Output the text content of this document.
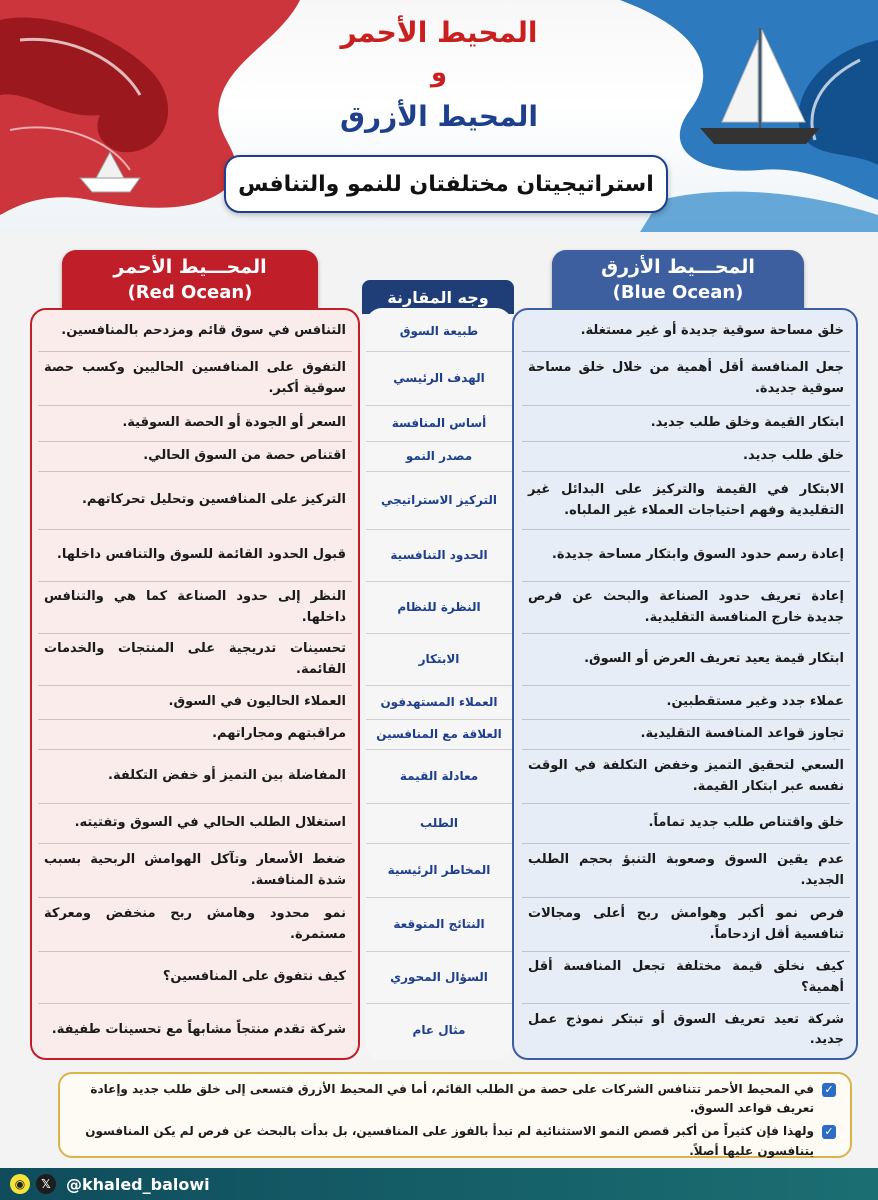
المحيط الأحمر
و
المحيط الأزرق
استراتيجيتان مختلفتان للنمو والتنافس
المحـــيط الأزرق
(Blue Ocean)
وجه المقارنة
المحـــيط الأحمر
(Red Ocean)
خلق مساحة سوقية جديدة أو غير مستغلة.
طبيعة السوق
التنافس في سوق قائم ومزدحم بالمنافسين.
جعل المنافسة أقل أهمية من خلال خلق مساحة سوقية جديدة.
الهدف الرئيسي
التفوق على المنافسين الحاليين وكسب حصة سوقية أكبر.
ابتكار القيمة وخلق طلب جديد.
أساس المنافسة
السعر أو الجودة أو الحصة السوقية.
خلق طلب جديد.
مصدر النمو
اقتناص حصة من السوق الحالي.
الابتكار في القيمة والتركيز على البدائل غير التقليدية وفهم احتياجات العملاء غير الملباه.
التركيز الاستراتيجي
التركيز على المنافسين وتحليل تحركاتهم.
إعادة رسم حدود السوق وابتكار مساحة جديدة.
الحدود التنافسية
قبول الحدود القائمة للسوق والتنافس داخلها.
إعادة تعريف حدود الصناعة والبحث عن فرص جديدة خارج المنافسة التقليدية.
النظرة للنظام
النظر إلى حدود الصناعة كما هي والتنافس داخلها.
ابتكار قيمة يعيد تعريف العرض أو السوق.
الابتكار
تحسينات تدريجية على المنتجات والخدمات القائمة.
عملاء جدد وغير مستقطبين.
العملاء المستهدفون
العملاء الحاليون في السوق.
تجاوز قواعد المنافسة التقليدية.
العلاقة مع المنافسين
مراقبتهم ومجاراتهم.
السعي لتحقيق التميز وخفض التكلفة في الوقت نفسه عبر ابتكار القيمة.
معادلة القيمة
المفاضلة بين التميز أو خفض التكلفة.
خلق واقتناص طلب جديد تماماً.
الطلب
استغلال الطلب الحالي في السوق وتفتيته.
عدم يقين السوق وصعوبة التنبؤ بحجم الطلب الجديد.
المخاطر الرئيسية
ضغط الأسعار وتآكل الهوامش الربحية بسبب شدة المنافسة.
فرص نمو أكبر وهوامش ربح أعلى ومجالات تنافسية أقل ازدحاماً.
النتائج المتوقعة
نمو محدود وهامش ربح منخفض ومعركة مستمرة.
كيف نخلق قيمة مختلفة تجعل المنافسة أقل أهمية؟
السؤال المحوري
كيف نتفوق على المنافسين؟
شركة تعيد تعريف السوق أو تبتكر نموذج عمل جديد.
مثال عام
شركة تقدم منتجاً مشابهاً مع تحسينات طفيفة.
✓
في المحيط الأحمر تتنافس الشركات على حصة من الطلب القائم، أما في المحيط الأزرق فتسعى إلى خلق طلب جديد وإعادة تعريف قواعد السوق.
✓
ولهذا فإن كثيراً من أكبر قصص النمو الاستثنائية لم تبدأ بالفوز على المنافسين، بل بدأت بالبحث عن فرص لم يكن المنافسون يتنافسون عليها أصلاً.
◉	𝕏 @khaled_balowi
